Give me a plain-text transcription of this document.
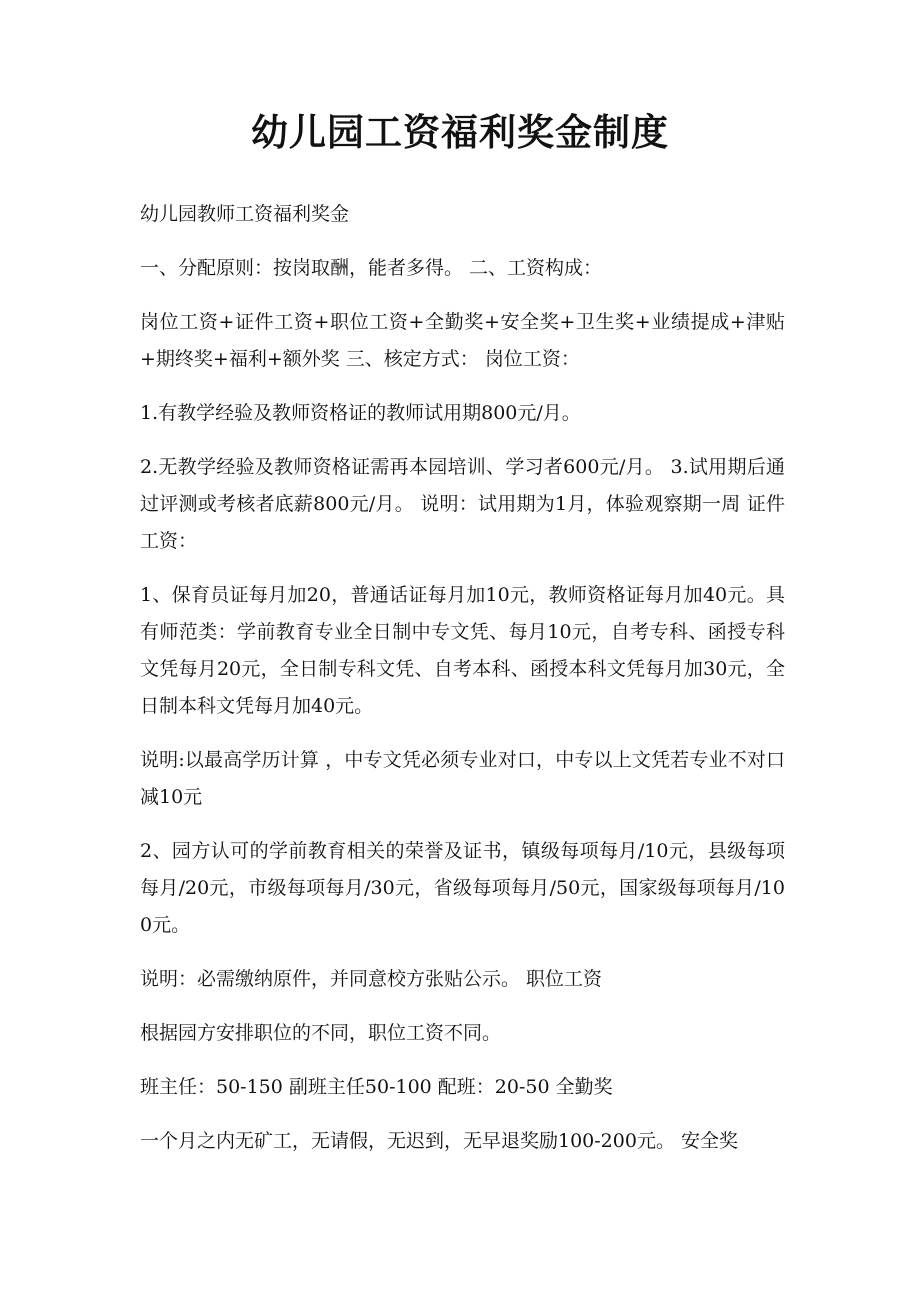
幼儿园工资福利奖金制度

幼儿园教师工资福利奖金

一、分配原则：按岗取酬，能者多得。 二、工资构成：

岗位工资+证件工资+职位工资+全勤奖+安全奖+卫生奖+业绩提成+津贴+期终奖+福利+额外奖 三、核定方式： 岗位工资：

1.有教学经验及教师资格证的教师试用期800元/月。

2.无教学经验及教师资格证需再本园培训、学习者600元/月。 3.试用期后通过评测或考核者底薪800元/月。 说明：试用期为1月，体验观察期一周 证件工资：

1、保育员证每月加20，普通话证每月加10元，教师资格证每月加40元。具有师范类：学前教育专业全日制中专文凭、每月10元，自考专科、函授专科文凭每月20元，全日制专科文凭、自考本科、函授本科文凭每月加30元，全日制本科文凭每月加40元。

说明:以最高学历计算 ，中专文凭必须专业对口，中专以上文凭若专业不对口减10元

2、园方认可的学前教育相关的荣誉及证书，镇级每项每月/10元，县级每项每月/20元，市级每项每月/30元，省级每项每月/50元，国家级每项每月/100元。

说明：必需缴纳原件，并同意校方张贴公示。 职位工资

根据园方安排职位的不同，职位工资不同。

班主任：50-150 副班主任50-100 配班：20-50 全勤奖

一个月之内无矿工，无请假，无迟到，无早退奖励100-200元。 安全奖
